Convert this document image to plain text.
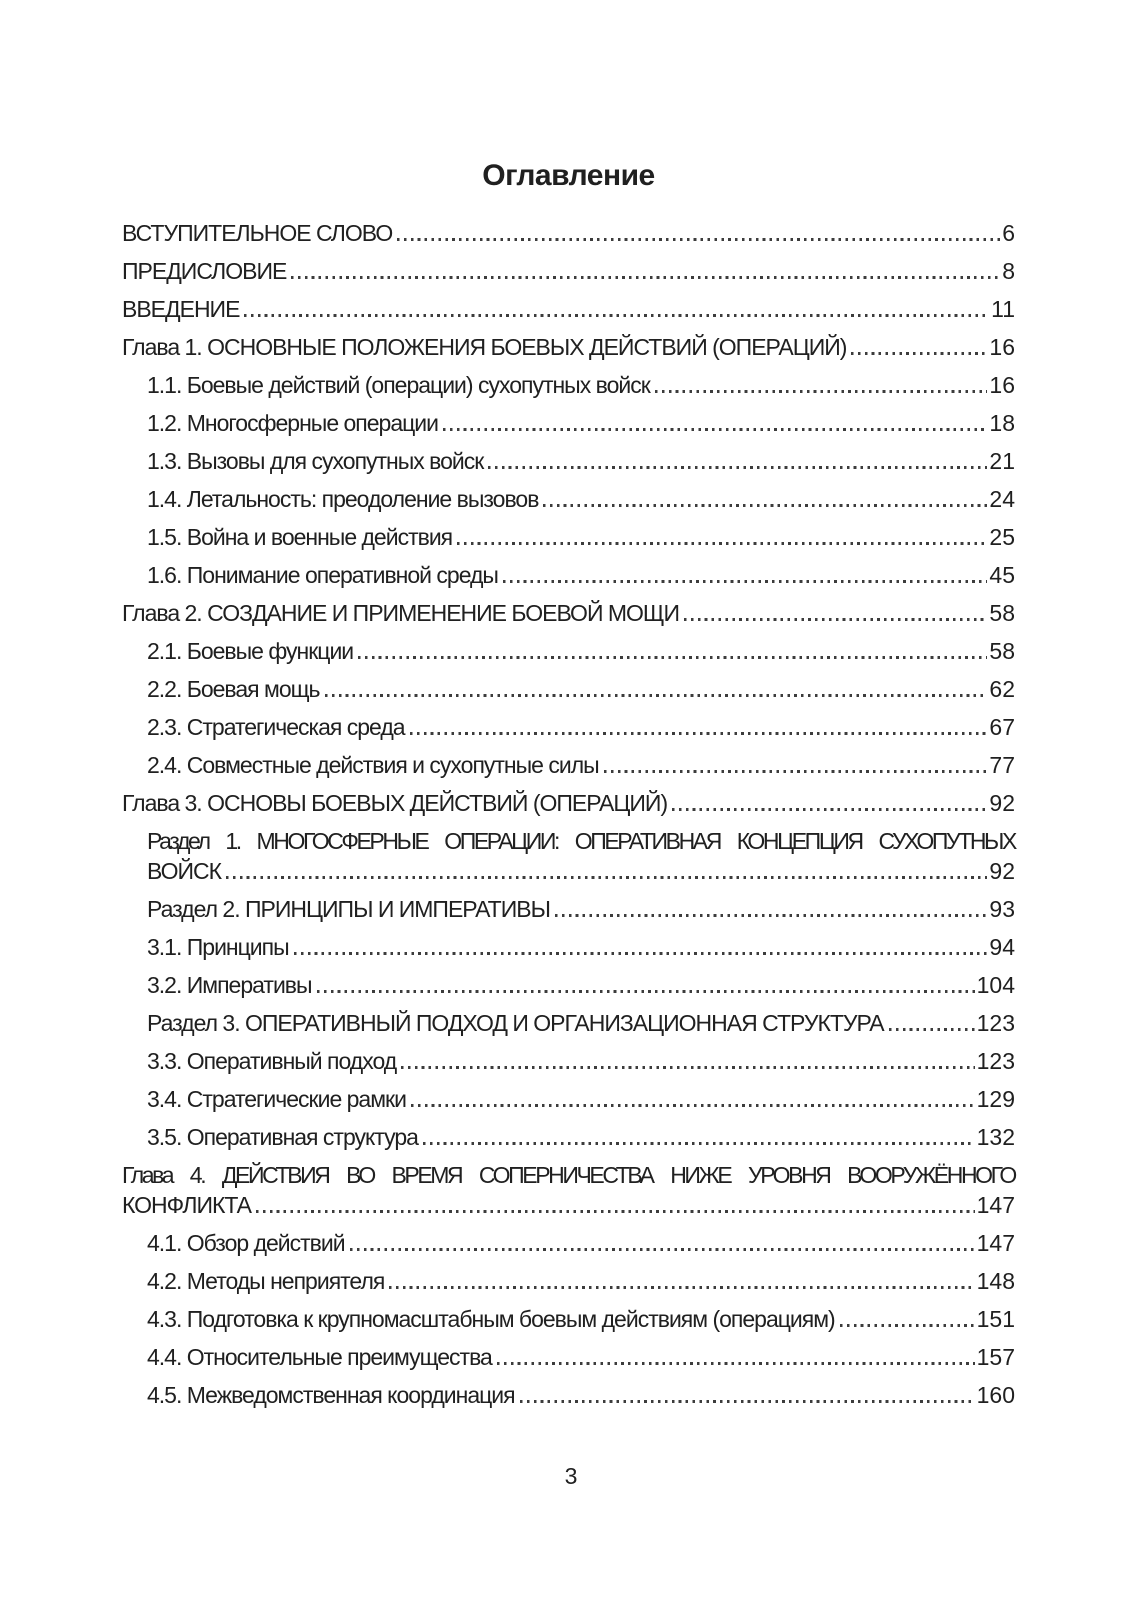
Оглавление
ВСТУПИТЕЛЬНОЕ СЛОВО	6
ПРЕДИСЛОВИЕ	8
ВВЕДЕНИЕ	11
Глава 1. ОСНОВНЫЕ ПОЛОЖЕНИЯ БОЕВЫХ ДЕЙСТВИЙ (ОПЕРАЦИЙ)	16
1.1. Боевые действий (операции) сухопутных войск	16
1.2. Многосферные операции	18
1.3. Вызовы для сухопутных войск	21
1.4. Летальность: преодоление вызовов	24
1.5. Война и военные действия	25
1.6. Понимание оперативной среды	45
Глава 2. СОЗДАНИЕ И ПРИМЕНЕНИЕ БОЕВОЙ МОЩИ	58
2.1. Боевые функции	58
2.2. Боевая мощь	62
2.3. Стратегическая среда	67
2.4. Совместные действия и сухопутные силы	77
Глава 3. ОСНОВЫ БОЕВЫХ ДЕЙСТВИЙ (ОПЕРАЦИЙ)	92
Раздел 1. МНОГОСФЕРНЫЕ ОПЕРАЦИИ: ОПЕРАТИВНАЯ КОНЦЕПЦИЯ СУХОПУТНЫХ
ВОЙСК	92
Раздел 2. ПРИНЦИПЫ И ИМПЕРАТИВЫ	93
3.1. Принципы	94
3.2. Императивы	104
Раздел 3. ОПЕРАТИВНЫЙ ПОДХОД И ОРГАНИЗАЦИОННАЯ СТРУКТУРА	123
3.3. Оперативный подход	123
3.4. Стратегические рамки	129
3.5. Оперативная структура	132
Глава 4. ДЕЙСТВИЯ ВО ВРЕМЯ СОПЕРНИЧЕСТВА НИЖЕ УРОВНЯ ВООРУЖЁННОГО
КОНФЛИКТА	147
4.1. Обзор действий	147
4.2. Методы неприятеля	148
4.3. Подготовка к крупномасштабным боевым действиям (операциям)	151
4.4. Относительные преимущества	157
4.5. Межведомственная координация	160
3
